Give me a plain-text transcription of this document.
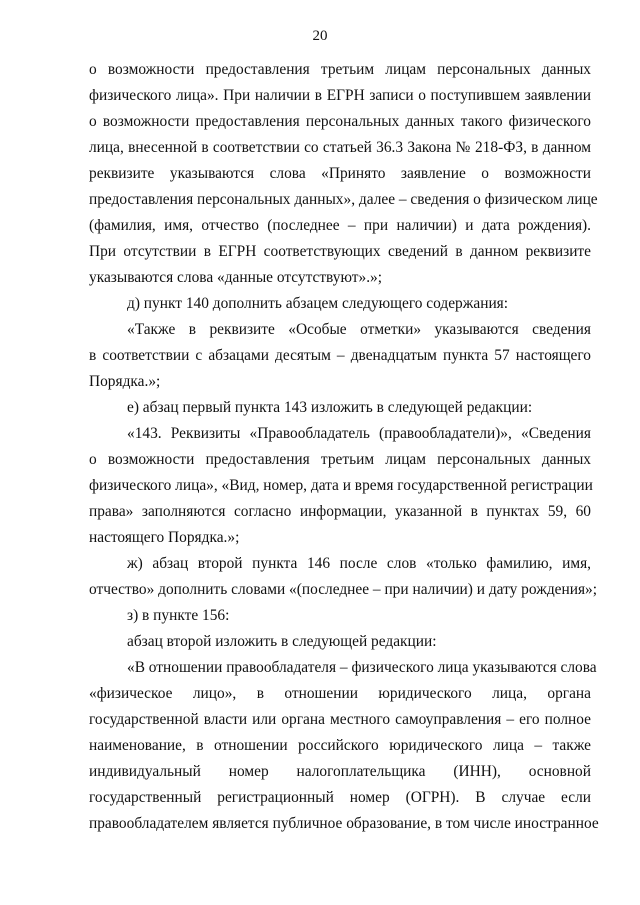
20
о возможности предоставления третьим лицам персональных данных
физического лица». При наличии в ЕГРН записи о поступившем заявлении
о возможности предоставления персональных данных такого физического
лица, внесенной в соответствии со статьей 36.3 Закона № 218-ФЗ, в данном
реквизите указываются слова «Принято заявление о возможности
предоставления персональных данных», далее – сведения о физическом лице
(фамилия, имя, отчество (последнее – при наличии) и дата рождения).
При отсутствии в ЕГРН соответствующих сведений в данном реквизите
указываются слова «данные отсутствуют».»;
д) пункт 140 дополнить абзацем следующего содержания:
«Также в реквизите «Особые отметки» указываются сведения
в соответствии с абзацами десятым – двенадцатым пункта 57 настоящего
Порядка.»;
е) абзац первый пункта 143 изложить в следующей редакции:
«143. Реквизиты «Правообладатель (правообладатели)», «Сведения
о возможности предоставления третьим лицам персональных данных
физического лица», «Вид, номер, дата и время государственной регистрации
права» заполняются согласно информации, указанной в пунктах 59, 60
настоящего Порядка.»;
ж) абзац второй пункта 146 после слов «только фамилию, имя,
отчество» дополнить словами «(последнее – при наличии) и дату рождения»;
з) в пункте 156:
абзац второй изложить в следующей редакции:
«В отношении правообладателя – физического лица указываются слова
«физическое лицо», в отношении юридического лица, органа
государственной власти или органа местного самоуправления – его полное
наименование, в отношении российского юридического лица – также
индивидуальный номер налогоплательщика (ИНН), основной
государственный регистрационный номер (ОГРН). В случае если
правообладателем является публичное образование, в том числе иностранное
